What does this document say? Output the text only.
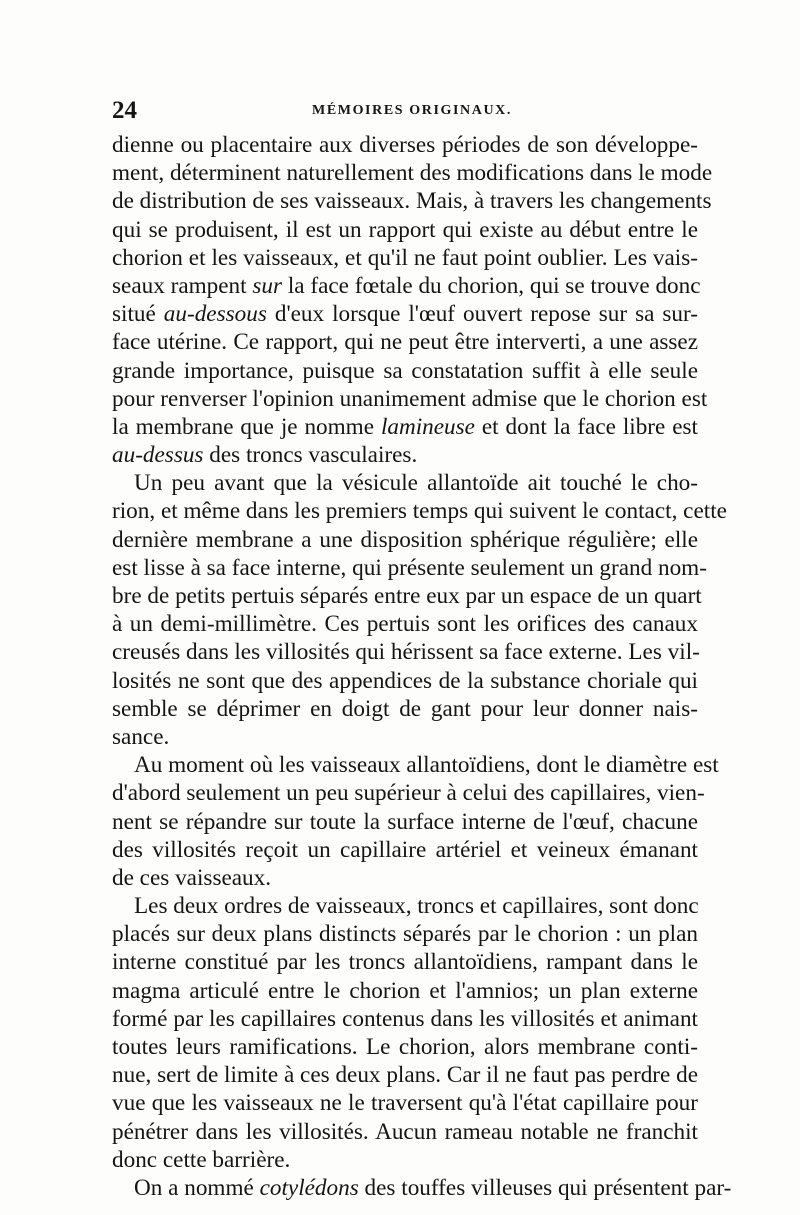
24	MÉMOIRES ORIGINAUX.
dienne ou placentaire aux diverses périodes de son développe-
ment, déterminent naturellement des modifications dans le mode
de distribution de ses vaisseaux. Mais, à travers les changements
qui se produisent, il est un rapport qui existe au début entre le
chorion et les vaisseaux, et qu'il ne faut point oublier. Les vais-
seaux rampent sur la face fœtale du chorion, qui se trouve donc
situé au-dessous d'eux lorsque l'œuf ouvert repose sur sa sur-
face utérine. Ce rapport, qui ne peut être interverti, a une assez
grande importance, puisque sa constatation suffit à elle seule
pour renverser l'opinion unanimement admise que le chorion est
la membrane que je nomme lamineuse et dont la face libre est
au-dessus des troncs vasculaires.
Un peu avant que la vésicule allantoïde ait touché le cho-
rion, et même dans les premiers temps qui suivent le contact, cette
dernière membrane a une disposition sphérique régulière; elle
est lisse à sa face interne, qui présente seulement un grand nom-
bre de petits pertuis séparés entre eux par un espace de un quart
à un demi-millimètre. Ces pertuis sont les orifices des canaux
creusés dans les villosités qui hérissent sa face externe. Les vil-
losités ne sont que des appendices de la substance choriale qui
semble se déprimer en doigt de gant pour leur donner nais-
sance.
Au moment où les vaisseaux allantoïdiens, dont le diamètre est
d'abord seulement un peu supérieur à celui des capillaires, vien-
nent se répandre sur toute la surface interne de l'œuf, chacune
des villosités reçoit un capillaire artériel et veineux émanant
de ces vaisseaux.
Les deux ordres de vaisseaux, troncs et capillaires, sont donc
placés sur deux plans distincts séparés par le chorion : un plan
interne constitué par les troncs allantoïdiens, rampant dans le
magma articulé entre le chorion et l'amnios; un plan externe
formé par les capillaires contenus dans les villosités et animant
toutes leurs ramifications. Le chorion, alors membrane conti-
nue, sert de limite à ces deux plans. Car il ne faut pas perdre de
vue que les vaisseaux ne le traversent qu'à l'état capillaire pour
pénétrer dans les villosités. Aucun rameau notable ne franchit
donc cette barrière.
On a nommé cotylédons des touffes villeuses qui présentent par-
